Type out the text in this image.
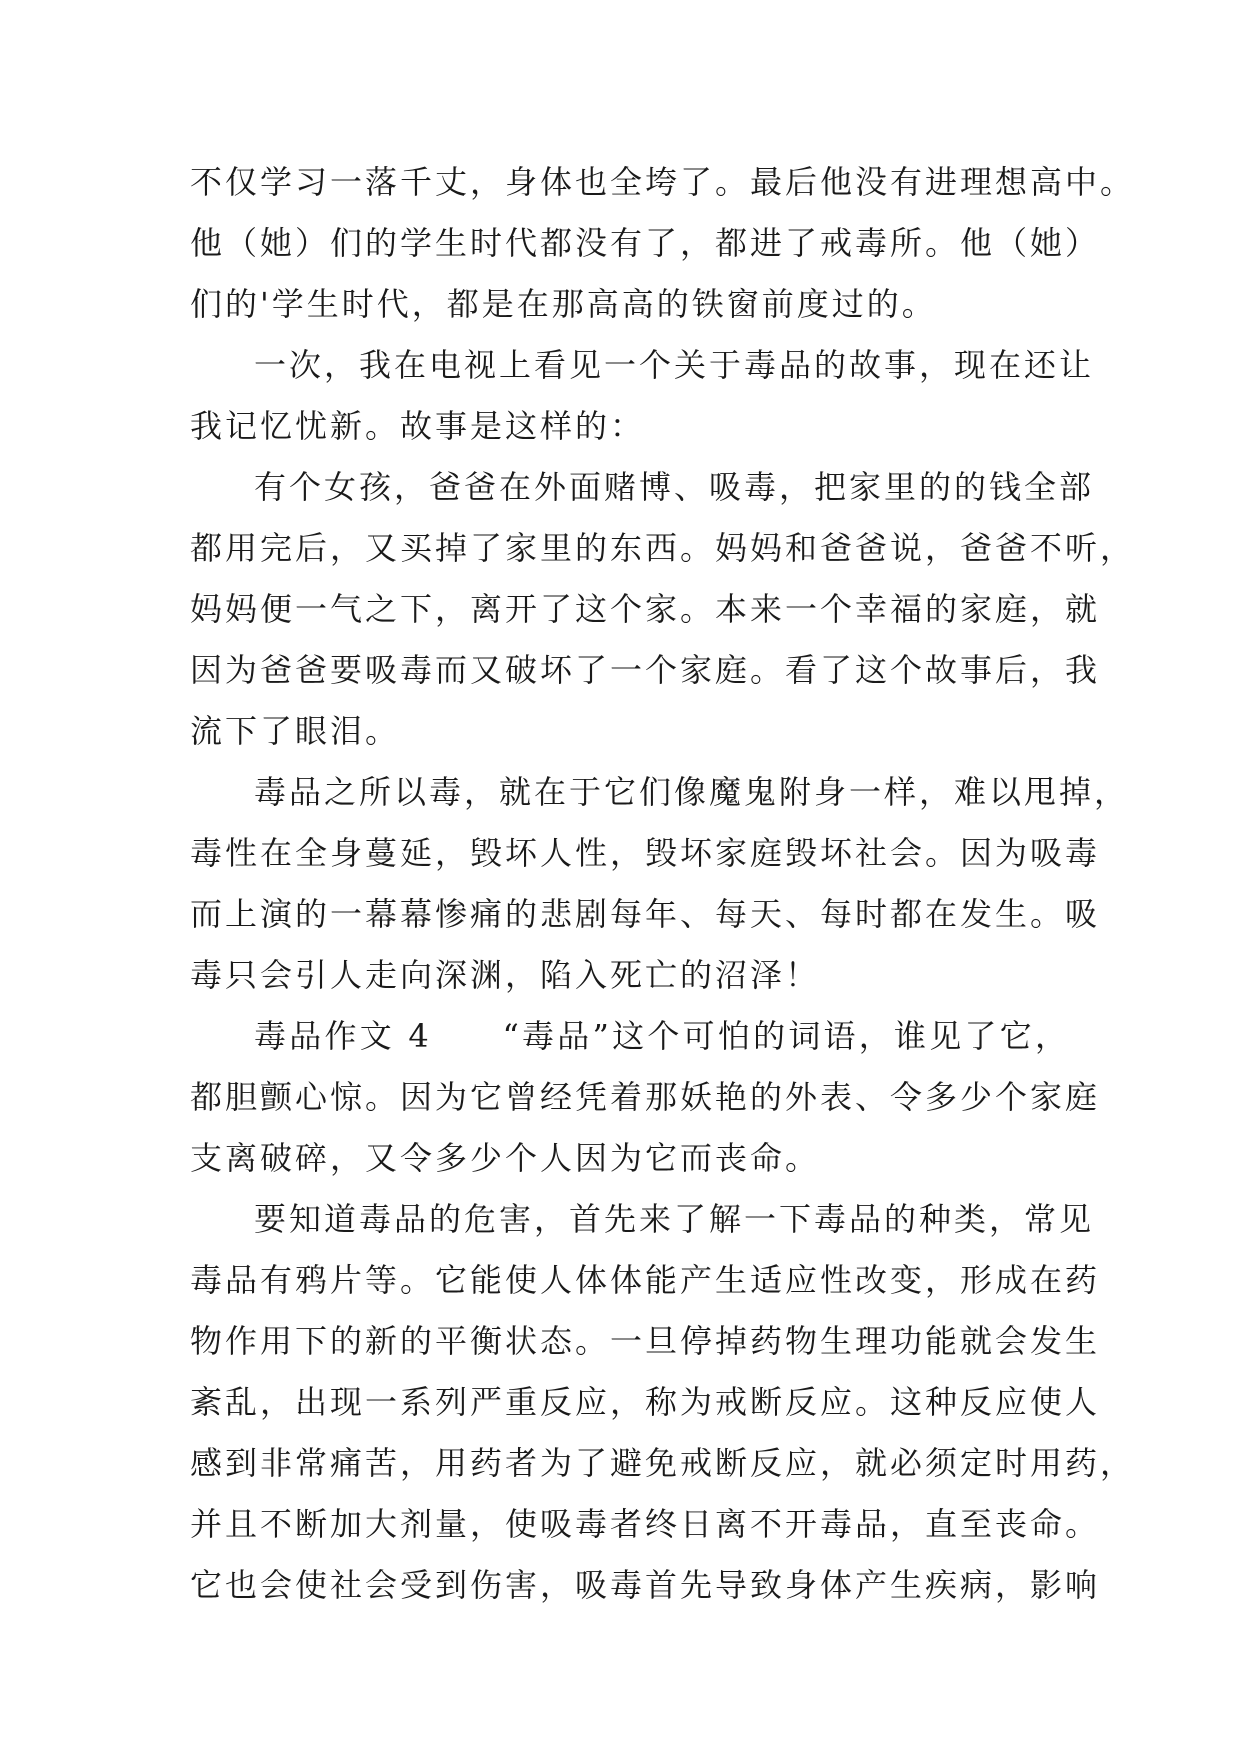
不仅学习一落千丈，身体也全垮了。最后他没有进理想高中。
他（她）们的学生时代都没有了，都进了戒毒所。他（她）
们的'学生时代，都是在那高高的铁窗前度过的。
一次，我在电视上看见一个关于毒品的故事，现在还让
我记忆忧新。故事是这样的：
有个女孩，爸爸在外面赌博、吸毒，把家里的的钱全部
都用完后，又买掉了家里的东西。妈妈和爸爸说，爸爸不听，
妈妈便一气之下，离开了这个家。本来一个幸福的家庭，就
因为爸爸要吸毒而又破坏了一个家庭。看了这个故事后，我
流下了眼泪。
毒品之所以毒，就在于它们像魔鬼附身一样，难以甩掉，
毒性在全身蔓延，毁坏人性，毁坏家庭毁坏社会。因为吸毒
而上演的一幕幕惨痛的悲剧每年、每天、每时都在发生。吸
毒只会引人走向深渊，陷入死亡的沼泽！
毒品作文 4　　“毒品”这个可怕的词语，谁见了它，
都胆颤心惊。因为它曾经凭着那妖艳的外表、令多少个家庭
支离破碎，又令多少个人因为它而丧命。
要知道毒品的危害，首先来了解一下毒品的种类，常见
毒品有鸦片等。它能使人体体能产生适应性改变，形成在药
物作用下的新的平衡状态。一旦停掉药物生理功能就会发生
紊乱，出现一系列严重反应，称为戒断反应。这种反应使人
感到非常痛苦，用药者为了避免戒断反应，就必须定时用药，
并且不断加大剂量，使吸毒者终日离不开毒品，直至丧命。
它也会使社会受到伤害，吸毒首先导致身体产生疾病，影响
